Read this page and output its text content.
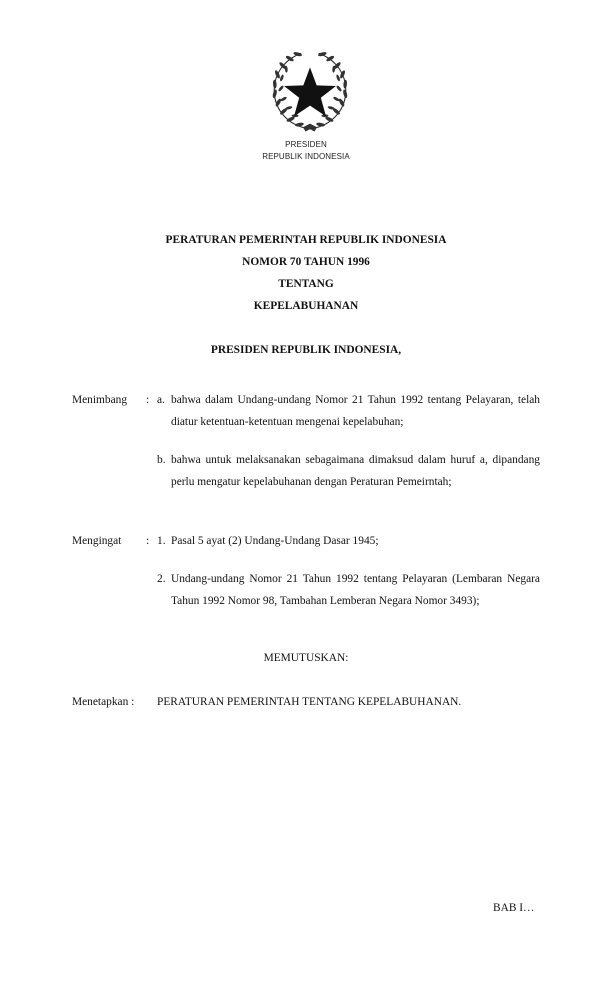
PRESIDEN
REPUBLIK INDONESIA
PERATURAN PEMERINTAH REPUBLIK INDONESIA
NOMOR 70 TAHUN 1996
TENTANG
KEPELABUHANAN
PRESIDEN REPUBLIK INDONESIA,
Menimbang : a. bahwa dalam Undang-undang Nomor 21 Tahun 1992 tentang Pelayaran, telah diatur ketentuan-ketentuan mengenai kepelabuhan;
b. bahwa untuk melaksanakan sebagaimana dimaksud dalam huruf a, dipandang perlu mengatur kepelabuhanan dengan Peraturan Pemeirntah;
Mengingat : 1. Pasal 5 ayat (2) Undang-Undang Dasar 1945;
2. Undang-undang Nomor 21 Tahun 1992 tentang Pelayaran (Lembaran Negara Tahun 1992 Nomor 98, Tambahan Lemberan Negara Nomor 3493);
MEMUTUSKAN:
Menetapkan : PERATURAN PEMERINTAH TENTANG KEPELABUHANAN.
BAB I…
